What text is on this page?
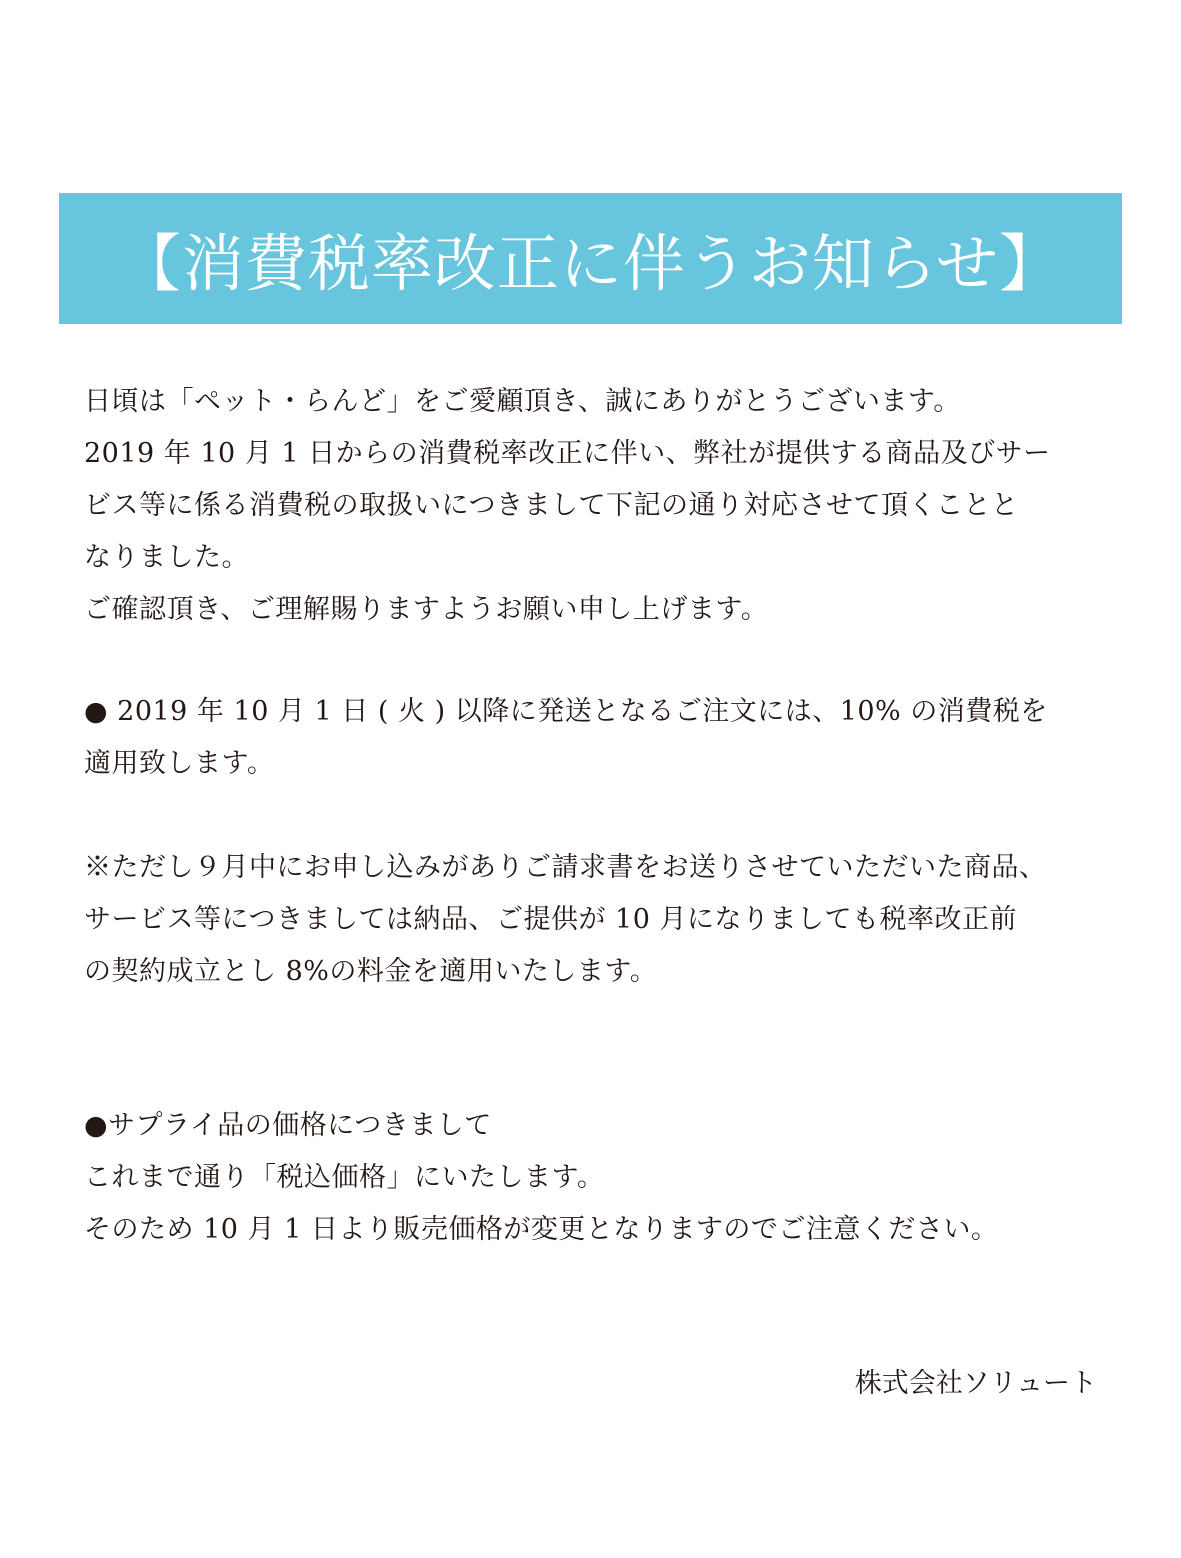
【消費税率改正に伴うお知らせ】
日頃は「ペット・らんど」をご愛顧頂き、誠にありがとうございます。
2019 年 10 月 1 日からの消費税率改正に伴い、弊社が提供する商品及びサー
ビス等に係る消費税の取扱いにつきまして下記の通り対応させて頂くことと
なりました。
ご確認頂き、ご理解賜りますようお願い申し上げます。
● 2019 年 10 月 1 日 ( 火 ) 以降に発送となるご注文には、10% の消費税を
適用致します。
※ただし９月中にお申し込みがありご請求書をお送りさせていただいた商品、
サービス等につきましては納品、ご提供が 10 月になりましても税率改正前
の契約成立とし 8%の料金を適用いたします。
●サプライ品の価格につきまして
これまで通り「税込価格」にいたします。
そのため 10 月 1 日より販売価格が変更となりますのでご注意ください。
株式会社ソリュート
